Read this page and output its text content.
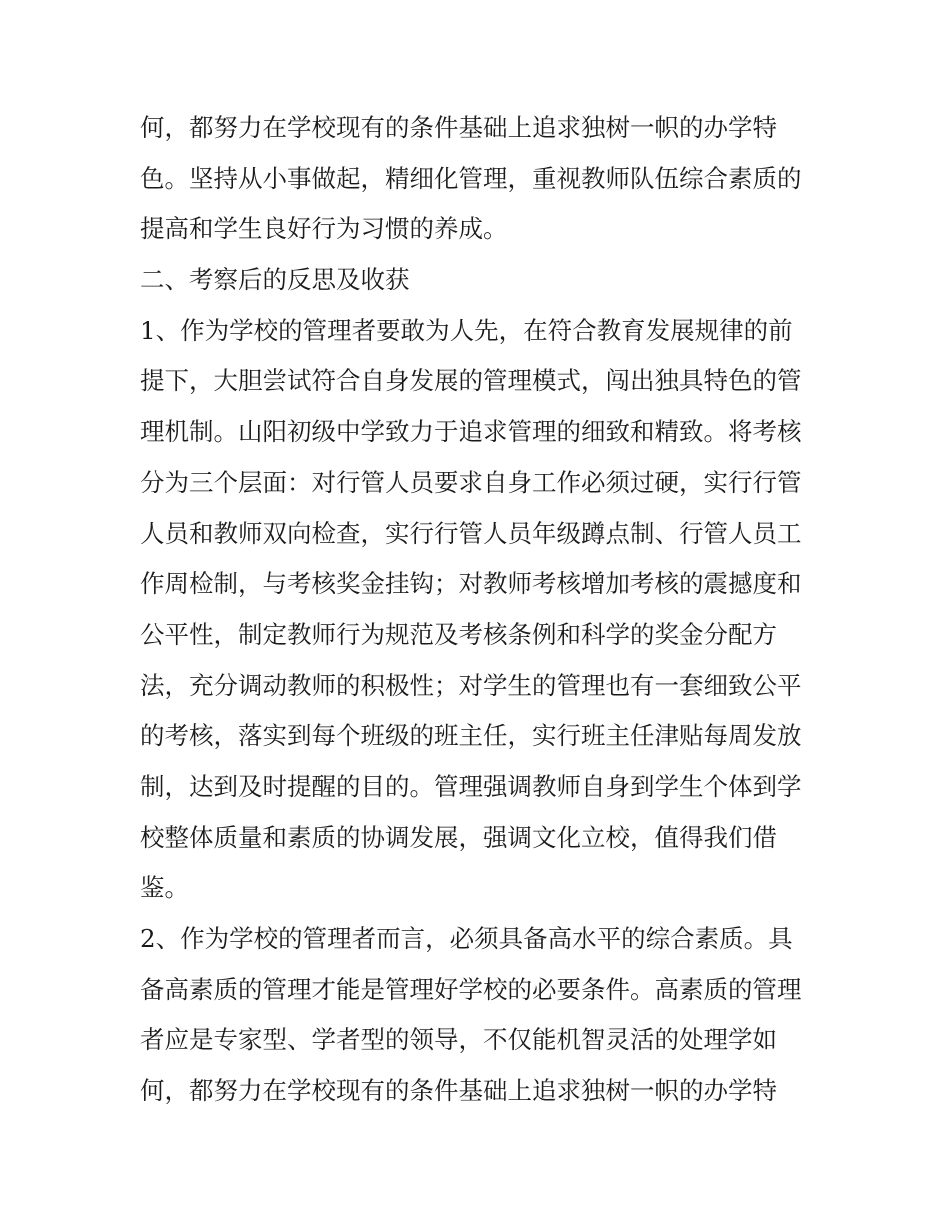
何，都努力在学校现有的条件基础上追求独树一帜的办学特
色。坚持从小事做起，精细化管理，重视教师队伍综合素质的
提高和学生良好行为习惯的养成。
二、考察后的反思及收获
1、作为学校的管理者要敢为人先，在符合教育发展规律的前
提下，大胆尝试符合自身发展的管理模式，闯出独具特色的管
理机制。山阳初级中学致力于追求管理的细致和精致。将考核
分为三个层面：对行管人员要求自身工作必须过硬，实行行管
人员和教师双向检查，实行行管人员年级蹲点制、行管人员工
作周检制，与考核奖金挂钩；对教师考核增加考核的震撼度和
公平性，制定教师行为规范及考核条例和科学的奖金分配方
法，充分调动教师的积极性；对学生的管理也有一套细致公平
的考核，落实到每个班级的班主任，实行班主任津贴每周发放
制，达到及时提醒的目的。管理强调教师自身到学生个体到学
校整体质量和素质的协调发展，强调文化立校，值得我们借
鉴。
2、作为学校的管理者而言，必须具备高水平的综合素质。具
备高素质的管理才能是管理好学校的必要条件。高素质的管理
者应是专家型、学者型的领导，不仅能机智灵活的处理学如
何，都努力在学校现有的条件基础上追求独树一帜的办学特
